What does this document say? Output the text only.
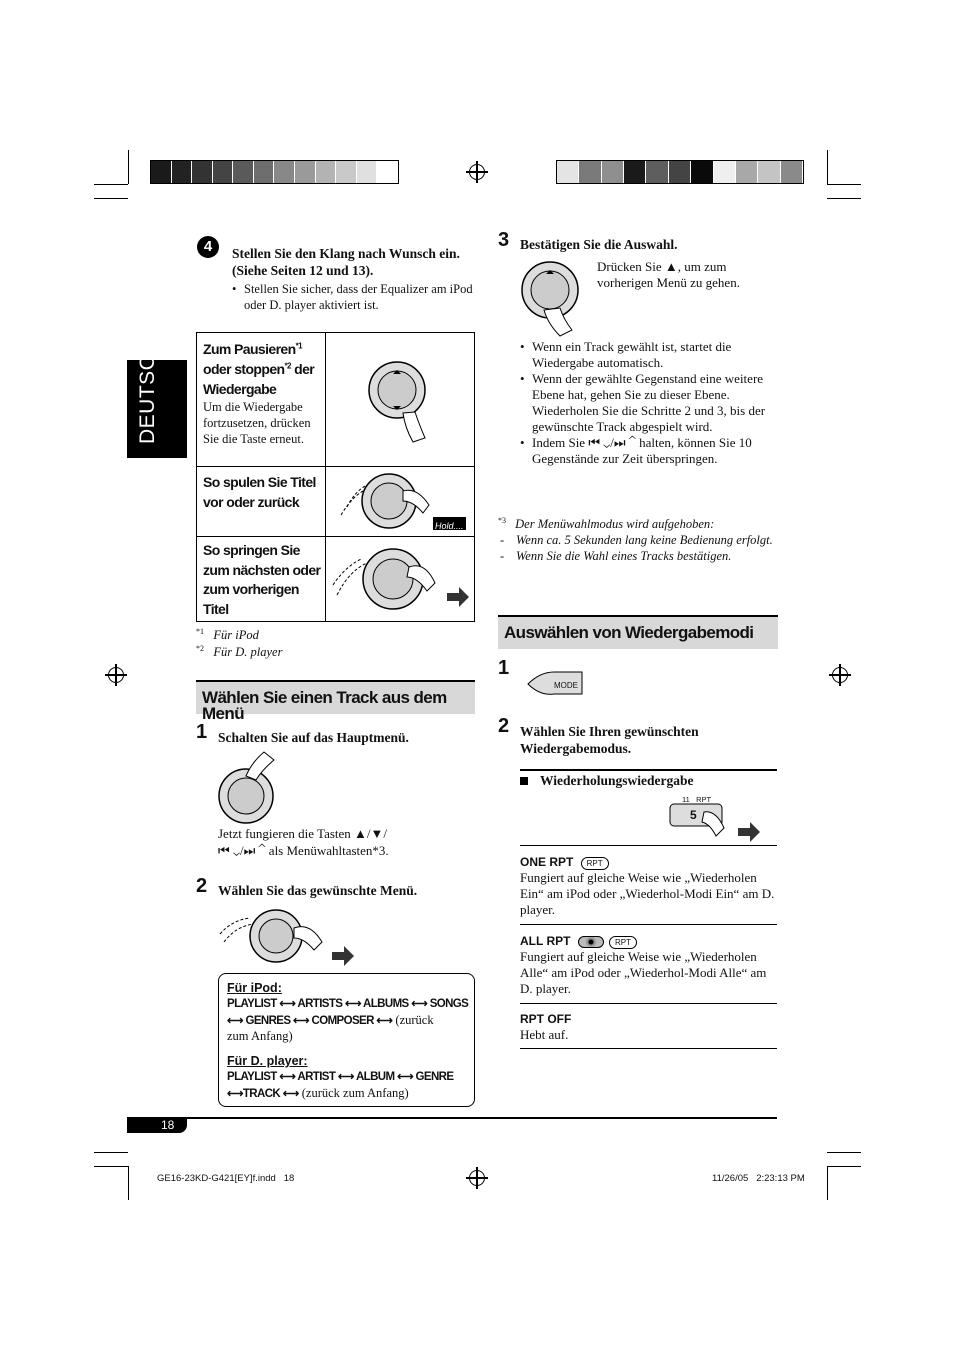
DEUTSCH
4	Stellen Sie den Klang nach Wunsch ein. (Siehe Seiten 12 und 13).
• Stellen Sie sicher, dass der Equalizer am iPod oder D. player aktiviert ist.
Zum Pausieren$^{*1}$ oder stoppen$^{*2}$ der Wiedergabe
Um die Wiedergabe fortzusetzen, drücken Sie die Taste erneut.
So spulen Sie Titel vor oder zurück
So springen Sie zum nächsten oder zum vorherigen Titel
Hold....
$^{*1}$ Für iPod
$^{*2}$ Für D. player
Wählen Sie einen Track aus dem Menü
1 Schalten Sie auf das Hauptmenü.
Jetzt fungieren die Tasten ▲/▼/
⏮ ⌄/⏭ ⌃ als Menüwahltasten*3.
2 Wählen Sie das gewünschte Menü.
Für iPod:
PLAYLIST ⟷ ARTISTS ⟷ ALBUMS ⟷ SONGS
⟷ GENRES ⟷ COMPOSER ⟷ (zurück
zum Anfang)
Für D. player:
PLAYLIST ⟷ ARTIST ⟷ ALBUM ⟷ GENRE
⟷TRACK ⟷ (zurück zum Anfang)
3 Bestätigen Sie die Auswahl.
Drücken Sie ▲, um zum vorherigen Menü zu gehen.
• Wenn ein Track gewählt ist, startet die Wiedergabe automatisch.
• Wenn der gewählte Gegenstand eine weitere Ebene hat, gehen Sie zu dieser Ebene. Wiederholen Sie die Schritte 2 und 3, bis der gewünschte Track abgespielt wird.
• Indem Sie ⏮ ⌄/⏭ ⌃ halten, können Sie 10 Gegenstände zur Zeit überspringen.
$^{*3}$ Der Menüwahlmodus wird aufgehoben:
- Wenn ca. 5 Sekunden lang keine Bedienung erfolgt.
- Wenn Sie die Wahl eines Tracks bestätigen.
Auswählen von Wiedergabemodi
1
MODE
2 Wählen Sie Ihren gewünschten Wiedergabemodus.
Wiederholungswiedergabe
11 RPT
5
ONE RPT RPT
Fungiert auf gleiche Weise wie „Wiederholen Ein“ am iPod oder „Wiederhol-Modi Ein“ am D. player.
ALL RPT	RPT
Fungiert auf gleiche Weise wie „Wiederholen Alle“ am iPod oder „Wiederhol-Modi Alle“ am D. player.
RPT OFF
Hebt auf.
18
GE16-23KD-G421[EY]f.indd   18	11/26/05   2:23:13 PM
